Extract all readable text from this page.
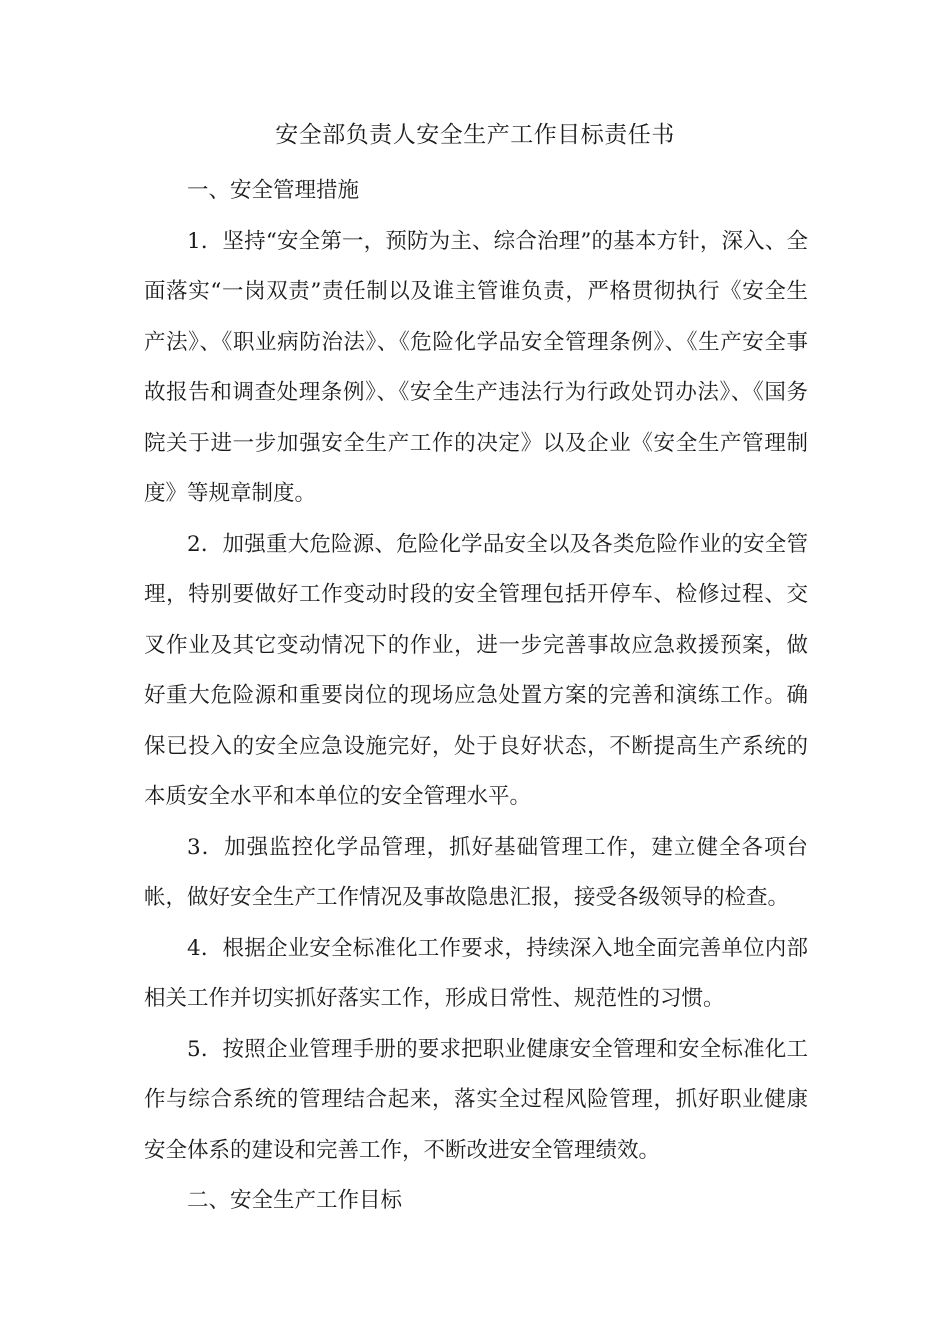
安全部负责人安全生产工作目标责任书

一、安全管理措施

1．坚持“安全第一，预防为主、综合治理”的基本方针，深入、全面落实“一岗双责”责任制以及谁主管谁负责，严格贯彻执行《安全生产法》、《职业病防治法》、《危险化学品安全管理条例》、《生产安全事故报告和调查处理条例》、《安全生产违法行为行政处罚办法》、《国务院关于进一步加强安全生产工作的决定》以及企业《安全生产管理制度》等规章制度。

2．加强重大危险源、危险化学品安全以及各类危险作业的安全管理，特别要做好工作变动时段的安全管理包括开停车、检修过程、交叉作业及其它变动情况下的作业，进一步完善事故应急救援预案，做好重大危险源和重要岗位的现场应急处置方案的完善和演练工作。确保已投入的安全应急设施完好，处于良好状态，不断提高生产系统的本质安全水平和本单位的安全管理水平。

3．加强监控化学品管理，抓好基础管理工作，建立健全各项台帐，做好安全生产工作情况及事故隐患汇报，接受各级领导的检查。

4．根据企业安全标准化工作要求，持续深入地全面完善单位内部相关工作并切实抓好落实工作，形成日常性、规范性的习惯。

5．按照企业管理手册的要求把职业健康安全管理和安全标准化工作与综合系统的管理结合起来，落实全过程风险管理，抓好职业健康安全体系的建设和完善工作，不断改进安全管理绩效。

二、安全生产工作目标
